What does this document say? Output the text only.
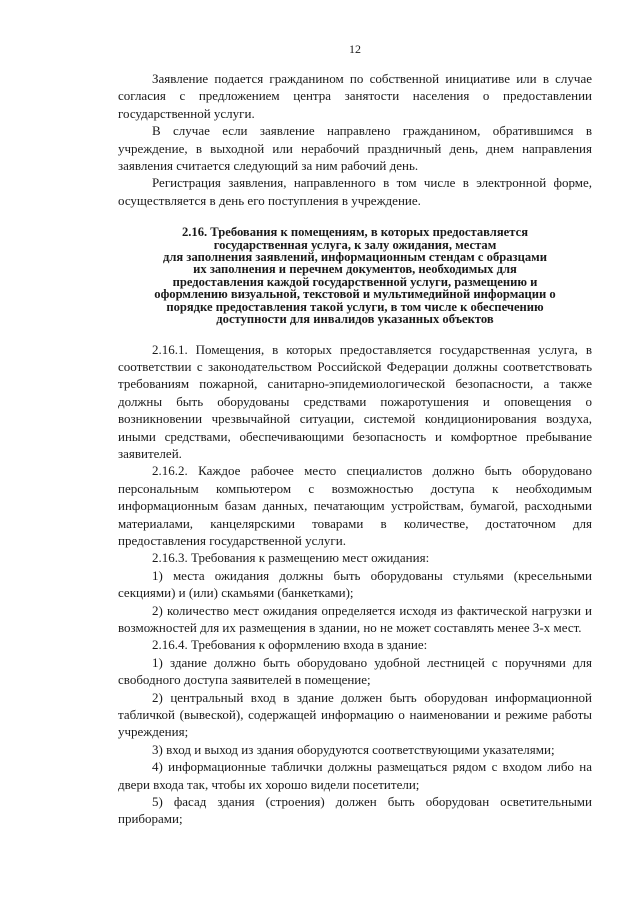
12

Заявление подается гражданином по собственной инициативе или в случае согласия с предложением центра занятости населения о предоставлении государственной услуги.

В случае если заявление направлено гражданином, обратившимся в учреждение, в выходной или нерабочий праздничный день, днем направления заявления считается следующий за ним рабочий день.

Регистрация заявления, направленного в том числе в электронной форме, осуществляется в день его поступления в учреждение.

2.16. Требования к помещениям, в которых предоставляется
государственная услуга, к залу ожидания, местам
для заполнения заявлений, информационным стендам с образцами
их заполнения и перечнем документов, необходимых для
предоставления каждой государственной услуги, размещению и
оформлению визуальной, текстовой и мультимедийной информации о
порядке предоставления такой услуги, в том числе к обеспечению
доступности для инвалидов указанных объектов

2.16.1. Помещения, в которых предоставляется государственная услуга, в соответствии с законодательством Российской Федерации должны соответствовать требованиям пожарной, санитарно-эпидемиологической безопасности, а также должны быть оборудованы средствами пожаротушения и оповещения о возникновении чрезвычайной ситуации, системой кондиционирования воздуха, иными средствами, обеспечивающими безопасность и комфортное пребывание заявителей.

2.16.2. Каждое рабочее место специалистов должно быть оборудовано персональным компьютером с возможностью доступа к необходимым информационным базам данных, печатающим устройствам, бумагой, расходными материалами, канцелярскими товарами в количестве, достаточном для предоставления государственной услуги.

2.16.3. Требования к размещению мест ожидания:

1) места ожидания должны быть оборудованы стульями (кресельными секциями) и (или) скамьями (банкетками);

2) количество мест ожидания определяется исходя из фактической нагрузки и возможностей для их размещения в здании, но не может составлять менее 3-х мест.

2.16.4. Требования к оформлению входа в здание:

1) здание должно быть оборудовано удобной лестницей с поручнями для свободного доступа заявителей в помещение;

2) центральный вход в здание должен быть оборудован информационной табличкой (вывеской), содержащей информацию о наименовании и режиме работы учреждения;

3) вход и выход из здания оборудуются соответствующими указателями;

4) информационные таблички должны размещаться рядом с входом либо на двери входа так, чтобы их хорошо видели посетители;

5) фасад здания (строения) должен быть оборудован осветительными приборами;
